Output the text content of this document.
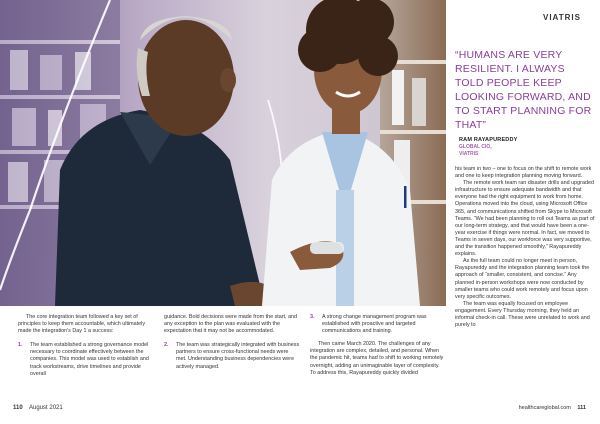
VIATRIS
“HUMANS ARE VERY RESILIENT. I ALWAYS TOLD PEOPLE KEEP LOOKING FORWARD, AND TO START PLANNING FOR THAT”
RAM RAYAPUREDDY
GLOBAL CIO,
VIATRIS

his team in two – one to focus on the shift to remote work and one to keep integration planning moving forward.

The remote work team ran disaster drills and upgraded infrastructure to ensure adequate bandwidth and that everyone had the right equipment to work from home. Operations moved into the cloud, using Microsoft Office 365, and communications shifted from Skype to Microsoft Teams. “We had been planning to roll out Teams as part of our long-term strategy, and that would have been a one-year exercise if things were normal. In fact, we moved to Teams in seven days, our workforce was very supportive, and the transition happened smoothly,” Rayapureddy explains.

As the full team could no longer meet in person, Rayapureddy and the integration planning team took the approach of “smaller, consistent, and concise.” Any planned in-person workshops were now conducted by smaller teams who could work remotely and focus upon very specific outcomes.

The team was equally focused on employee engagement. Every Thursday morning, they held an informal check-in call. These were unrelated to work and purely to

The core integration team followed a key set of principles to keep them accountable, which ultimately made the integration's Day 1 a success:

1. The team established a strong governance model necessary to coordinate effectively between the companies. This model was used to establish and track workstreams, drive timelines and provide overall

guidance. Bold decisions were made from the start, and any exception to the plan was evaluated with the expectation that it may not be accommodated.

2. The team was strategically integrated with business partners to ensure cross-functional needs were met. Understanding business dependencies were actively managed.
3. A strong change management program was established with proactive and targeted communications and training.

Then came March 2020. The challenges of any integration are complex, detailed, and personal. When the pandemic hit, teams had to shift to working remotely overnight, adding an unimaginable layer of complexity. To address this, Rayapureddy quickly divided

110 August 2021	healthcareglobal.com 111
